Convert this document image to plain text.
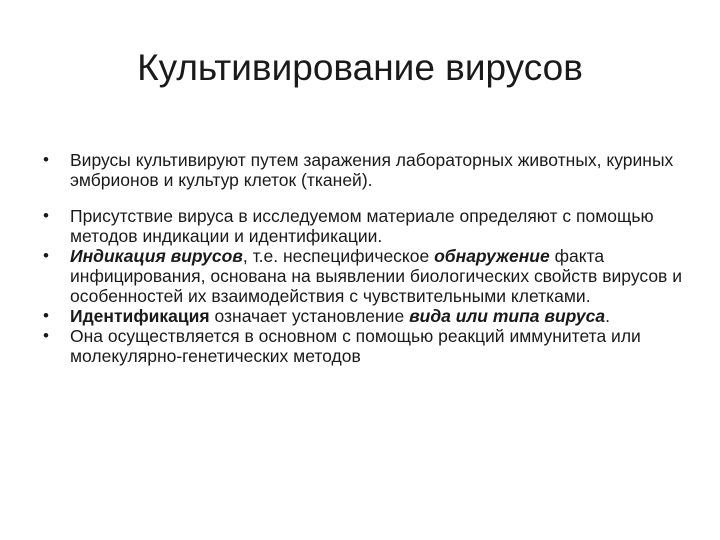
Культивирование вирусов
•	Вирусы культивируют путем заражения лабораторных животных, куриных эмбрионов и культур клеток (тканей).
•	Присутствие вируса в исследуемом материале определяют с помощью методов индикации и идентификации.
•	Индикация вирусов, т.е. неспецифическое обнаружение факта инфицирования, основана на выявлении биологических свойств вирусов и особенностей их взаимодействия с чувствительными клетками.
•	Идентификация означает установление вида или типа вируса.
•	Она осуществляется в основном с помощью реакций иммунитета или молекулярно-генетических методов
